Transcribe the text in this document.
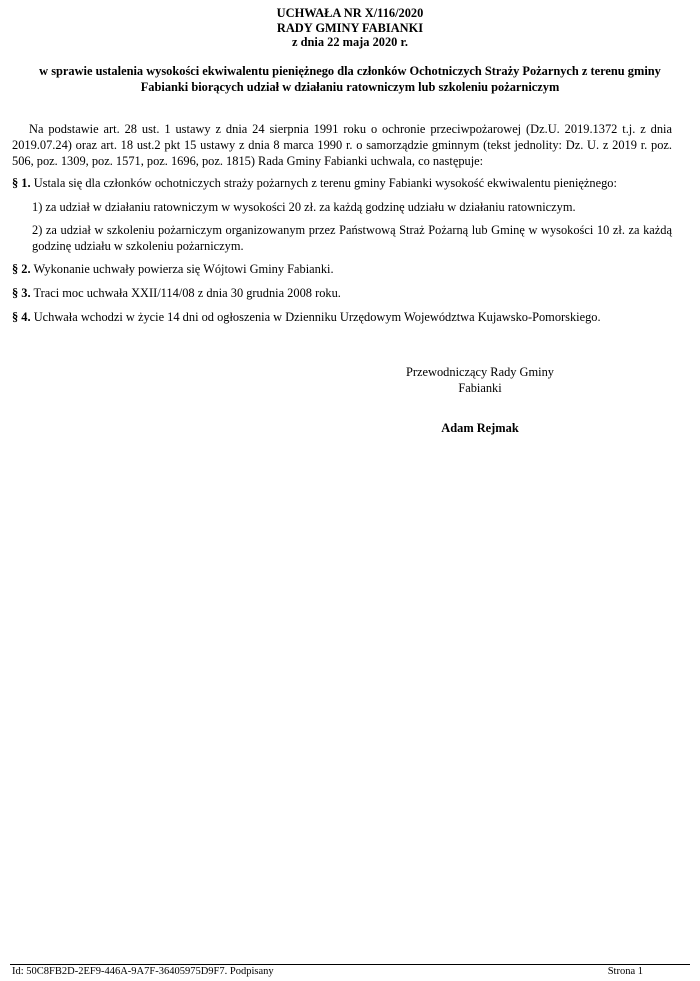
UCHWAŁA NR X/116/2020
RADY GMINY FABIANKI
z dnia 22 maja 2020 r.
w sprawie ustalenia wysokości ekwiwalentu pieniężnego dla członków Ochotniczych Straży Pożarnych z terenu gminy
Fabianki biorących udział w działaniu ratowniczym lub szkoleniu pożarniczym

Na podstawie art. 28 ust. 1 ustawy z dnia 24 sierpnia 1991 roku o ochronie przeciwpożarowej (Dz.U. 2019.1372 t.j. z dnia 2019.07.24) oraz art. 18 ust.2 pkt 15 ustawy z dnia 8 marca 1990 r. o samorządzie gminnym (tekst jednolity: Dz. U. z 2019 r. poz. 506, poz. 1309, poz. 1571, poz. 1696, poz. 1815) Rada Gminy Fabianki uchwala, co następuje:

§ 1. Ustala się dla członków ochotniczych straży pożarnych z terenu gminy Fabianki wysokość ekwiwalentu pieniężnego:

1) za udział w działaniu ratowniczym w wysokości 20 zł. za każdą godzinę udziału w działaniu ratowniczym.

2) za udział w szkoleniu pożarniczym organizowanym przez Państwową Straż Pożarną lub Gminę w wysokości 10 zł. za każdą godzinę udziału w szkoleniu pożarniczym.

§ 2. Wykonanie uchwały powierza się Wójtowi Gminy Fabianki.

§ 3. Traci moc uchwała XXII/114/08 z dnia 30 grudnia 2008 roku.

§ 4. Uchwała wchodzi w życie 14 dni od ogłoszenia w Dzienniku Urzędowym Województwa Kujawsko-Pomorskiego.

Przewodniczący Rady Gminy
Fabianki
Adam Rejmak
Id: 50C8FB2D-2EF9-446A-9A7F-36405975D9F7. Podpisany	Strona 1
